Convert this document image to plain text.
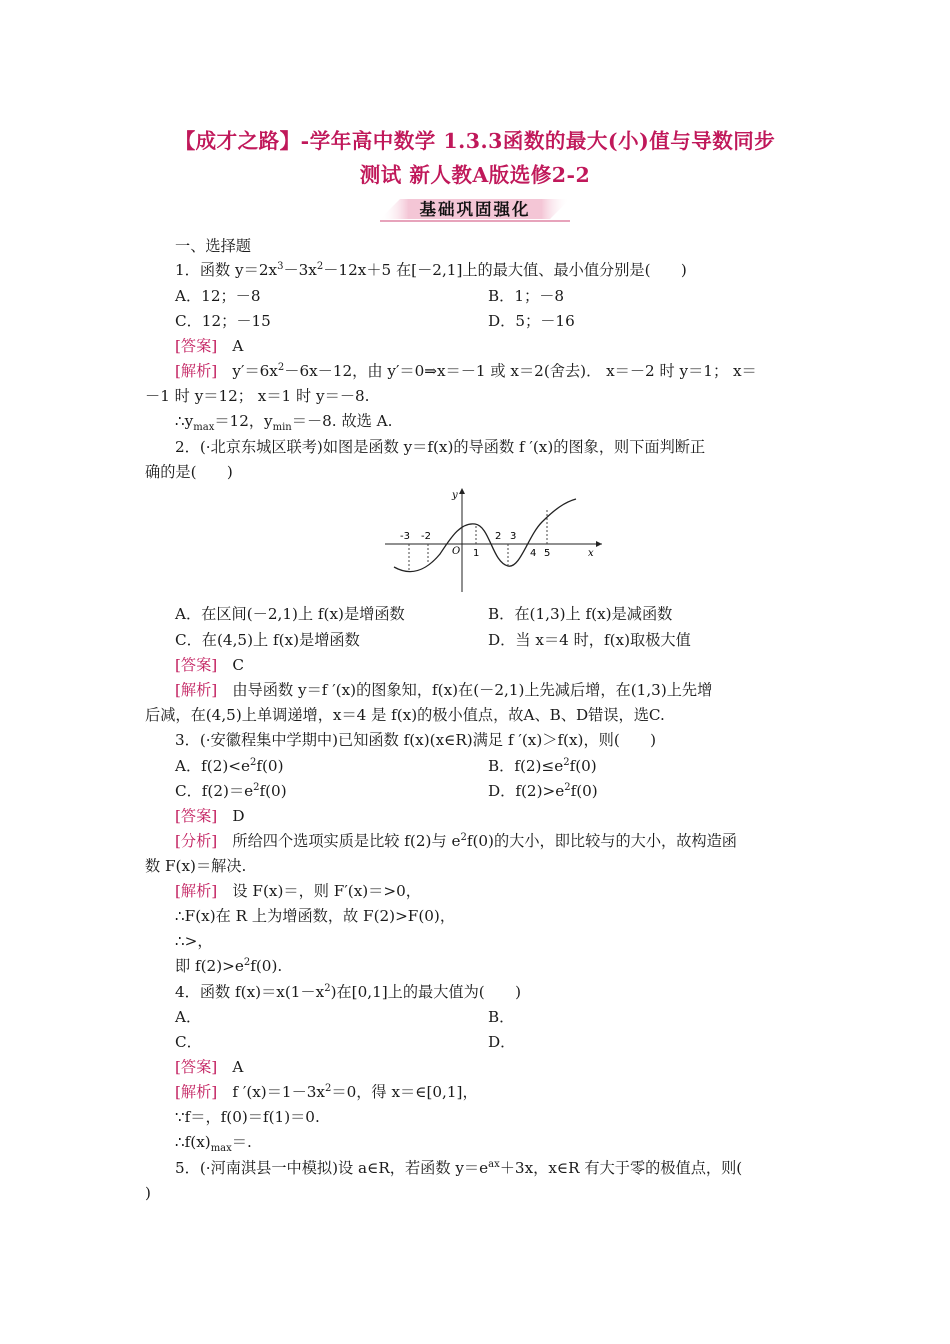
【成才之路】-学年高中数学 1.3.3函数的最大(小)值与导数同步
测试 新人教A版选修2-2
基础巩固强化
一、选择题
1．函数 $y=2x^3-3x^2-12x+5$ 在[－2,1]上的最大值、最小值分别是(　　)
A．12；－8	B．1；－8
C．12；－15	D．5；－16
[答案]　 A
[解析]　 $y'=6x^2-6x-12$，由 y′＝0⇒x＝－1 或 x＝2(舍去)． x＝－2 时 y＝1； x＝
－1 时 y＝12； x＝1 时 y＝－8.
$\therefore y_{max}=12$，$y_{min}=-8$. 故选 A.
2．(·北京东城区联考)如图是函数 y＝f(x)的导函数 f ′(x)的图象，则下面判断正
确的是(　　)
y
x
O
-3 -2
1
2 3
4 5
A．在区间(－2,1)上 f(x)是增函数	B．在(1,3)上 f(x)是减函数
C．在(4,5)上 f(x)是增函数	D．当 x＝4 时，f(x)取极大值
[答案]　 C
[解析]　 由导函数 y＝f ′(x)的图象知，f(x)在(－2,1)上先减后增，在(1,3)上先增
后减，在(4,5)上单调递增，x＝4 是 f(x)的极小值点，故A、B、D错误，选C.
3．(·安徽程集中学期中)已知函数 f(x)(x∈R)满足 f ′(x)＞f(x)，则(　　)
A．$f(2)<e^2f(0)$	B．$f(2)\le e^2f(0)$
C．$f(2)=e^2f(0)$	D．$f(2)>e^2f(0)$
[答案]　 D
[分析]　 所给四个选项实质是比较 f(2)与 $e^2f(0)$的大小，即比较与的大小，故构造函
数 F(x)＝解决.
[解析]　 设 F(x)＝，则 F′(x)＝>0，
∴F(x)在 R 上为增函数，故 F(2)>F(0)，
∴>，
即 $f(2)>e^2f(0)$.
4．函数 $f(x)=x(1-x^2)$在[0,1]上的最大值为(　　)
A．	B．
C．	D．
[答案]　 A
[解析]　 f $'(x)=1-3x^2=0$，得 x＝∈[0,1]，
∵f＝，f(0)＝f(1)＝0.
$\therefore f(x)_{max}=$.
5．(·河南淇县一中模拟)设 a∈R，若函数 $y=e^{ax}+3x$，x∈R 有大于零的极值点，则(
)
